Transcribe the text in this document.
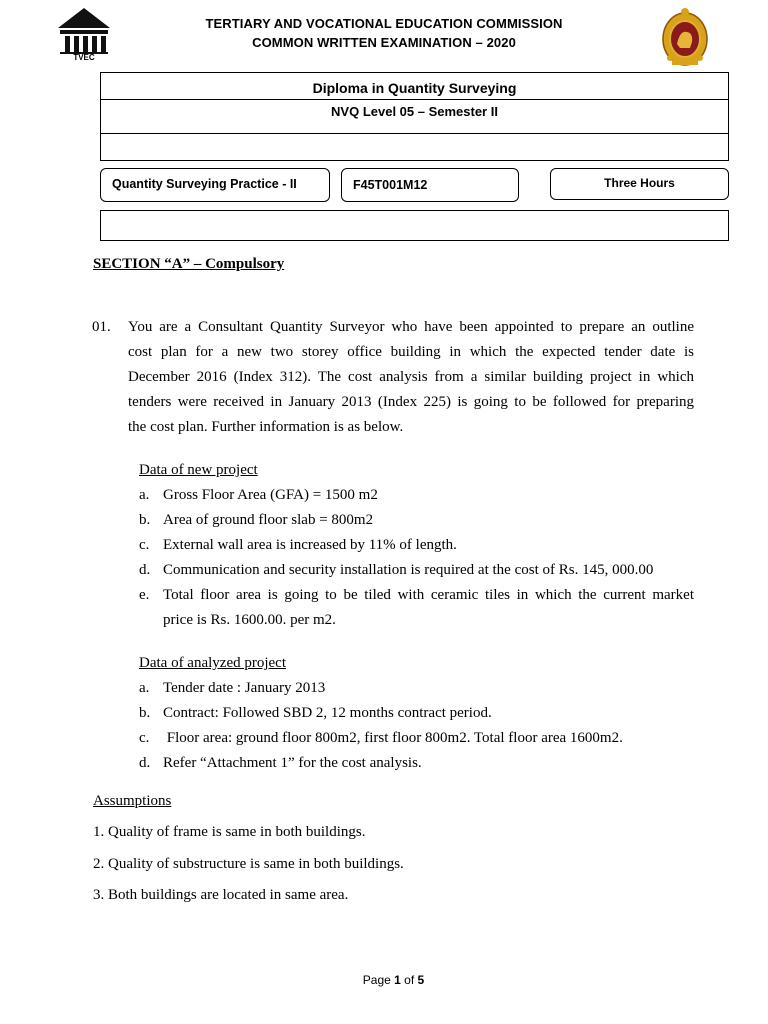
TVEC
TERTIARY AND VOCATIONAL EDUCATION COMMISSION
COMMON WRITTEN EXAMINATION – 2020
Diploma in Quantity Surveying
NVQ Level 05 – Semester II
Quantity Surveying Practice - II	F45T001M12	Three Hours
SECTION “A” – Compulsory
01. You are a Consultant Quantity Surveyor who have been appointed to prepare an outline
cost plan for a new two storey office building in which the expected tender date is
December 2016 (Index 312). The cost analysis from a similar building project in which
tenders were received in January 2013 (Index 225) is going to be followed for preparing
the cost plan. Further information is as below.
Data of new project
a. Gross Floor Area (GFA) = 1500 m2
b. Area of ground floor slab = 800m2
c. External wall area is increased by 11% of length.
d. Communication and security installation is required at the cost of Rs. 145, 000.00
e. Total floor area is going to be tiled with ceramic tiles in which the current market
price is Rs. 1600.00. per m2.
Data of analyzed project
a. Tender date : January 2013
b. Contract: Followed SBD 2, 12 months contract period.
c. Floor area: ground floor 800m2, first floor 800m2. Total floor area 1600m2.
d. Refer “Attachment 1” for the cost analysis.
Assumptions
1. Quality of frame is same in both buildings.
2. Quality of substructure is same in both buildings.
3. Both buildings are located in same area.
Page 1 of 5
